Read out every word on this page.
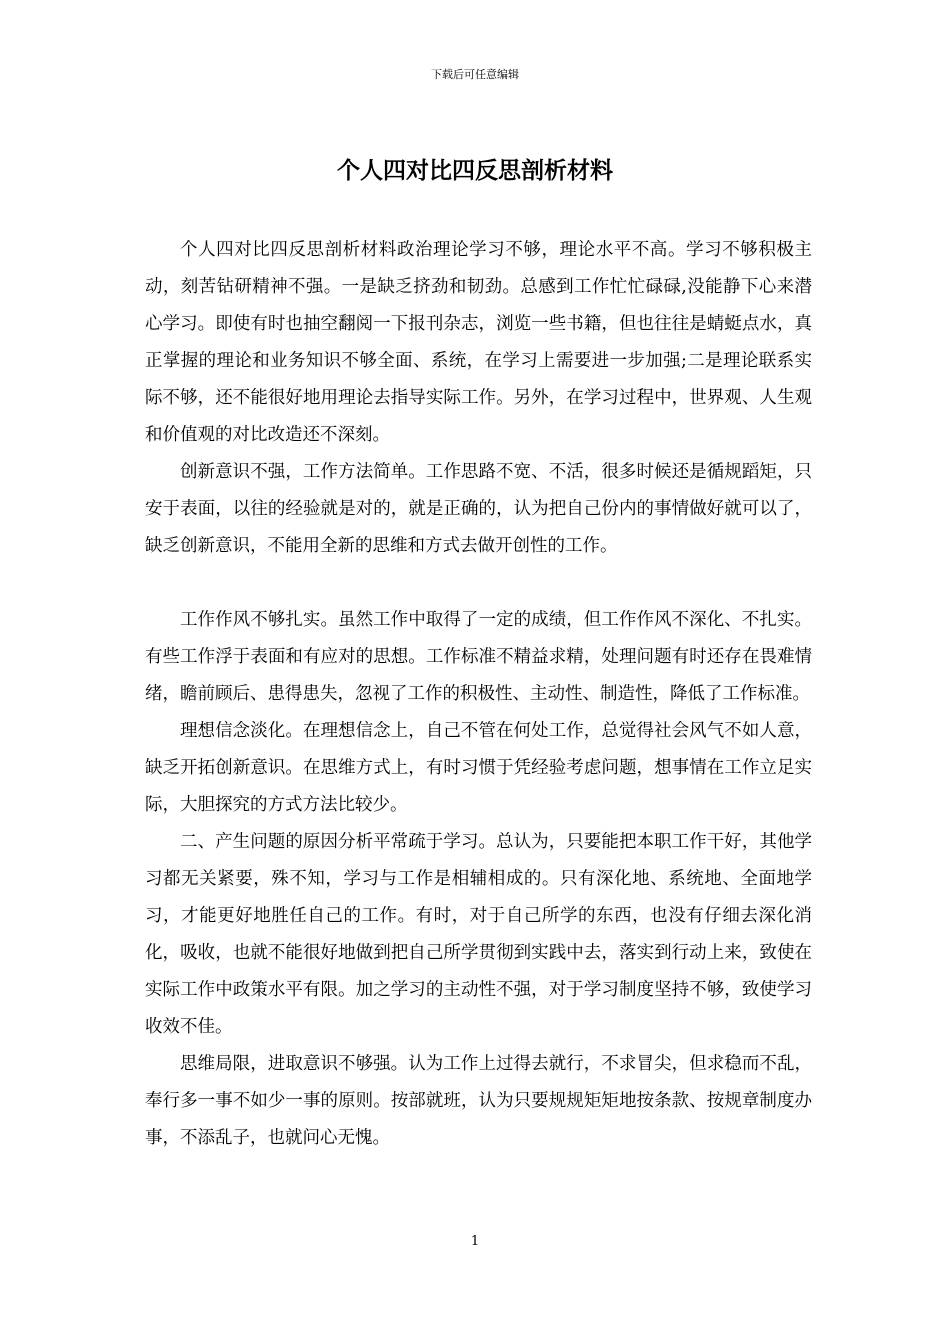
下载后可任意编辑
个人四对比四反思剖析材料

个人四对比四反思剖析材料政治理论学习不够，理论水平不高。学习不够积极主动，刻苦钻研精神不强。一是缺乏挤劲和韧劲。总感到工作忙忙碌碌,没能静下心来潜心学习。即使有时也抽空翻阅一下报刊杂志，浏览一些书籍，但也往往是蜻蜓点水，真正掌握的理论和业务知识不够全面、系统，在学习上需要进一步加强;二是理论联系实际不够，还不能很好地用理论去指导实际工作。另外，在学习过程中，世界观、人生观和价值观的对比改造还不深刻。

创新意识不强，工作方法简单。工作思路不宽、不活，很多时候还是循规蹈矩，只安于表面，以往的经验就是对的，就是正确的，认为把自己份内的事情做好就可以了，缺乏创新意识，不能用全新的思维和方式去做开创性的工作。

工作作风不够扎实。虽然工作中取得了一定的成绩，但工作作风不深化、不扎实。有些工作浮于表面和有应对的思想。工作标准不精益求精，处理问题有时还存在畏难情绪，瞻前顾后、患得患失，忽视了工作的积极性、主动性、制造性，降低了工作标准。

理想信念淡化。在理想信念上，自己不管在何处工作，总觉得社会风气不如人意，缺乏开拓创新意识。在思维方式上，有时习惯于凭经验考虑问题，想事情在工作立足实际，大胆探究的方式方法比较少。

二、产生问题的原因分析平常疏于学习。总认为，只要能把本职工作干好，其他学习都无关紧要，殊不知，学习与工作是相辅相成的。只有深化地、系统地、全面地学习，才能更好地胜任自己的工作。有时，对于自己所学的东西，也没有仔细去深化消化，吸收，也就不能很好地做到把自己所学贯彻到实践中去，落实到行动上来，致使在实际工作中政策水平有限。加之学习的主动性不强，对于学习制度坚持不够，致使学习收效不佳。

思维局限，进取意识不够强。认为工作上过得去就行，不求冒尖，但求稳而不乱，奉行多一事不如少一事的原则。按部就班，认为只要规规矩矩地按条款、按规章制度办事，不添乱子，也就问心无愧。

1
